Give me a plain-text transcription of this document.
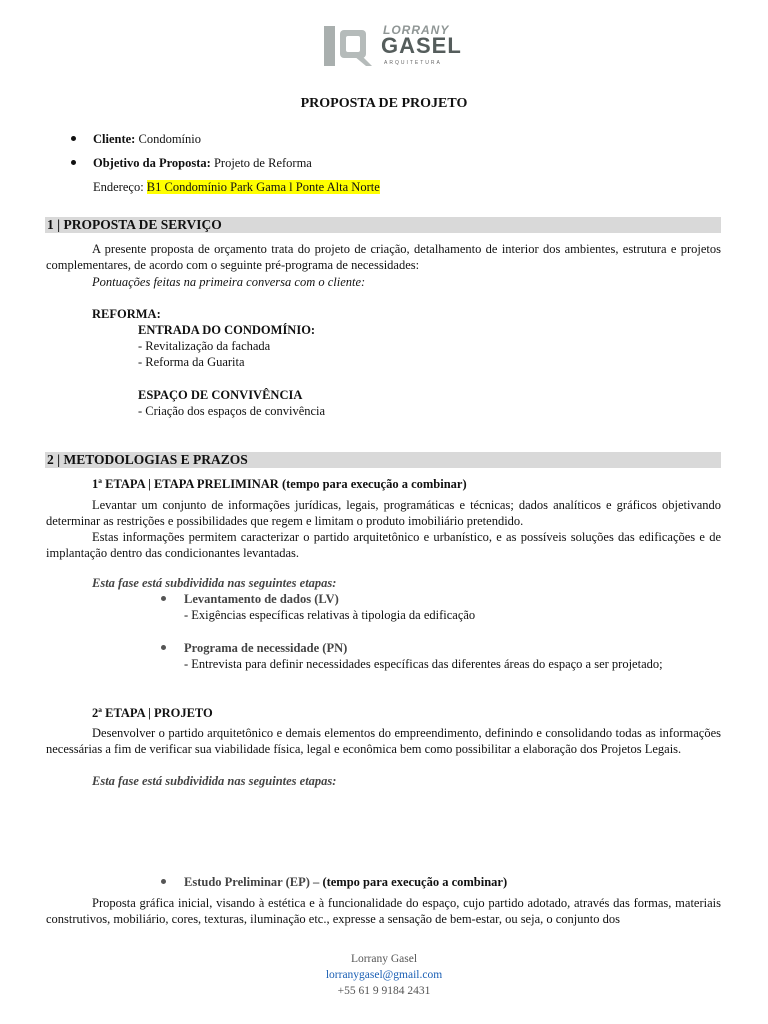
LORRANY
GASEL
ARQUITETURA
PROPOSTA DE PROJETO
Cliente: Condomínio
Objetivo da Proposta: Projeto de Reforma
Endereço: B1 Condomínio Park Gama l Ponte Alta Norte
1 | PROPOSTA DE SERVIÇO
A presente proposta de orçamento trata do projeto de criação, detalhamento de interior dos ambientes, estrutura e projetos complementares, de acordo com o seguinte pré-programa de necessidades:
Pontuações feitas na primeira conversa com o cliente:
REFORMA:
ENTRADA DO CONDOMÍNIO:
- Revitalização da fachada
- Reforma da Guarita
ESPAÇO DE CONVIVÊNCIA
- Criação dos espaços de convivência
2 | METODOLOGIAS E PRAZOS
1ª ETAPA | ETAPA PRELIMINAR (tempo para execução a combinar)
Levantar um conjunto de informações jurídicas, legais, programáticas e técnicas; dados analíticos e gráficos objetivando determinar as restrições e possibilidades que regem e limitam o produto imobiliário pretendido.
Estas informações permitem caracterizar o partido arquitetônico e urbanístico, e as possíveis soluções das edificações e de implantação dentro das condicionantes levantadas.
Esta fase está subdividida nas seguintes etapas:
Levantamento de dados (LV)
- Exigências específicas relativas à tipologia da edificação
Programa de necessidade (PN)
- Entrevista para definir necessidades específicas das diferentes áreas do espaço a ser projetado;
2ª ETAPA | PROJETO
Desenvolver o partido arquitetônico e demais elementos do empreendimento, definindo e consolidando todas as informações necessárias a fim de verificar sua viabilidade física, legal e econômica bem como possibilitar a elaboração dos Projetos Legais.
Esta fase está subdividida nas seguintes etapas:
Estudo Preliminar (EP) – (tempo para execução a combinar)
Proposta gráfica inicial, visando à estética e à funcionalidade do espaço, cujo partido adotado, através das formas, materiais construtivos, mobiliário, cores, texturas, iluminação etc., expresse a sensação de bem-estar, ou seja, o conjunto dos
Lorrany Gasel
lorranygasel@gmail.com
+55 61 9 9184 2431
